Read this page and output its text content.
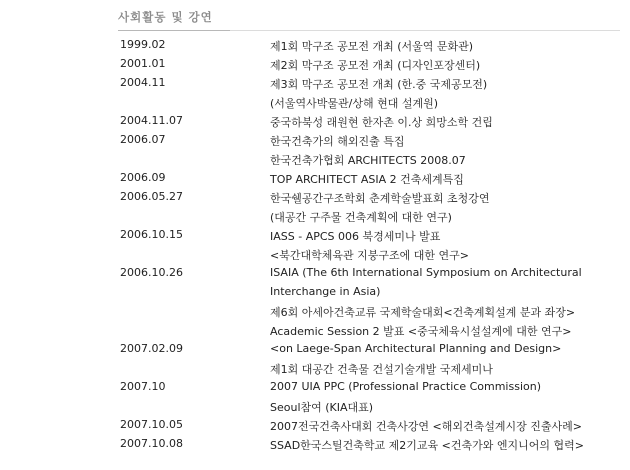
사회활동 및 강연
1999.02	제1회 막구조 공모전 개최 (서울역 문화관)
2001.01	제2회 막구조 공모전 개최 (디자인포장센터)
2004.11	제3회 막구조 공모전 개최 (한.중 국제공모전)
(서울역사박물관/상해 현대 설계원)
2004.11.07	중국하북성 래원현 한자촌 이.상 희망소학 건립
2006.07	한국건축가의 해외진출 특집
한국건축가협회 ARCHITECTS 2008.07
2006.09	TOP ARCHITECT ASIA 2 건축세계특집
2006.05.27	한국쉘공간구조학회 춘계학술발표회 초청강연
(대공간 구주물 건축계획에 대한 연구)
2006.10.15	IASS - APCS 006 북경세미나 발표
<북간대학체육관 지붕구조에 대한 연구>
2006.10.26	ISAIA (The 6th International Symposium on Architectural
Interchange in Asia)
제6회 아세아건축교류 국제학술대회<건축계획설계 분과 좌장>
Academic Session 2 발표 <중국체육시설설계에 대한 연구>
2007.02.09	<on Laege-Span Architectural Planning and Design>
제1회 대공간 건축물 건설기술개발 국제세미나
2007.10	2007 UIA PPC (Professional Practice Commission)
Seoul참여 (KIA대표)
2007.10.05	2007전국건축사대회 건축사강연 <해외건축설계시장 진출사례>
2007.10.08	SSAD한국스틸건축학교 제2기교육 <건축가와 엔지니어의 협력>
